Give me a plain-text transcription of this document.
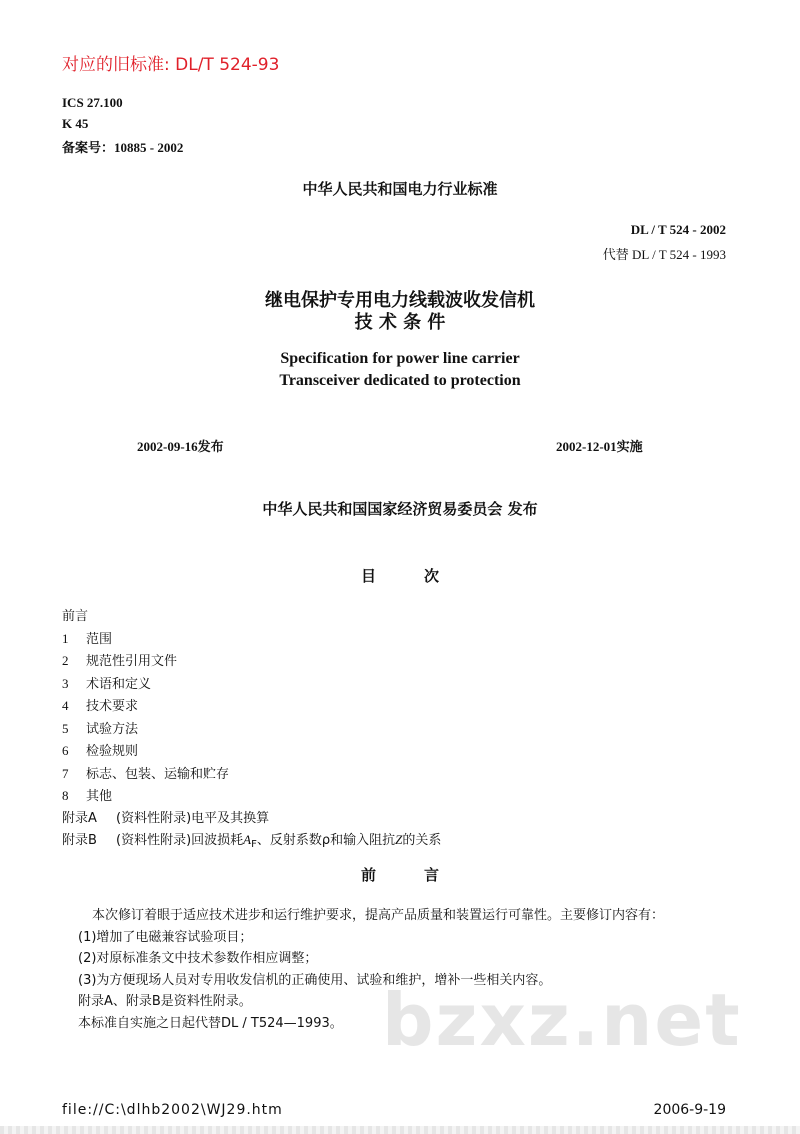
对应的旧标准: DL/T 524-93
ICS 27.100
K 45
备案号：10885 - 2002
中华人民共和国电力行业标准
DL / T 524 - 2002
代替 DL / T 524 - 1993
继电保护专用电力线载波收发信机
技 术 条 件
Specification for power line carrier
Transceiver dedicated to protection
2002-09-16发布	2002-12-01实施
中华人民共和国国家经济贸易委员会 发布
目次
前言
1 范围
2 规范性引用文件
3 术语和定义
4 技术要求
5 试验方法
6 检验规则
7 标志、包装、运输和贮存
8 其他
附录A (资料性附录)电平及其换算
附录B (资料性附录)回波损耗$A_F$、反射系数ρ和输入阻抗Z的关系
前言
bzxz.net
本次修订着眼于适应技术进步和运行维护要求，提高产品质量和装置运行可靠性。主要修订内容有：
(1)增加了电磁兼容试验项目；
(2)对原标准条文中技术参数作相应调整；
(3)为方便现场人员对专用收发信机的正确使用、试验和维护，增补一些相关内容。
附录A、附录B是资料性附录。
本标准自实施之日起代替DL / T524—1993。
file://C:\dlhb2002\WJ29.htm	2006-9-19
